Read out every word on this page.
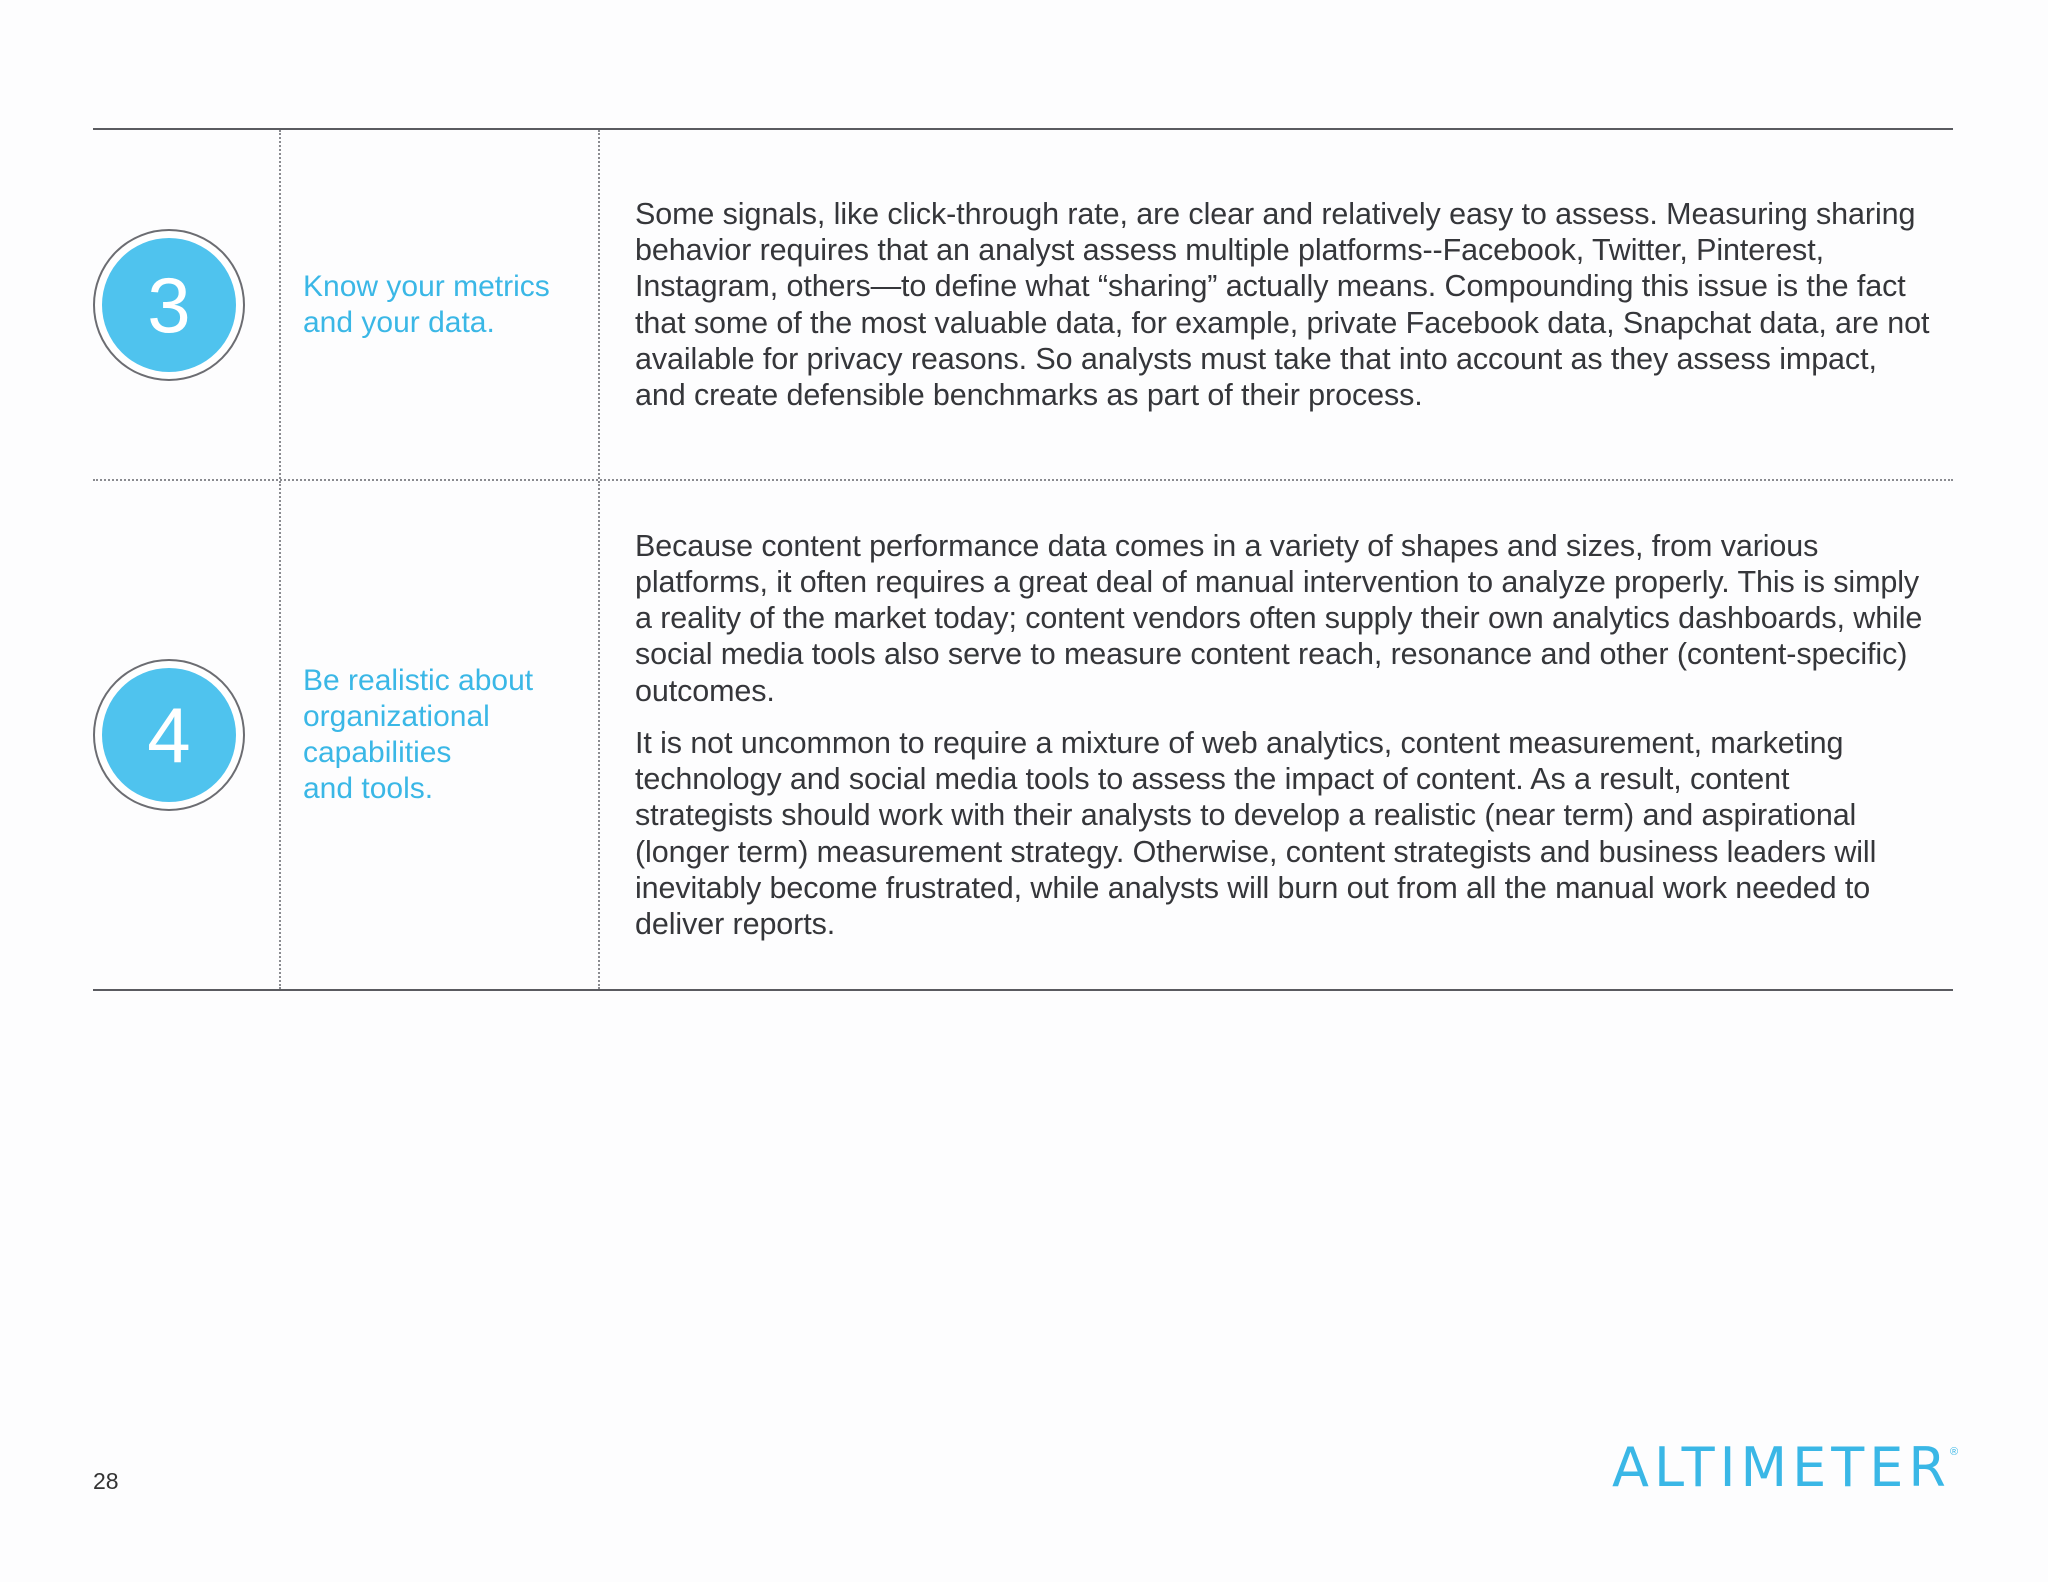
3	Know your metrics
and your data.

Some signals, like click-through rate, are clear and relatively easy to assess. Measuring sharing behavior requires that an analyst assess multiple platforms--Facebook, Twitter, Pinterest, Instagram, others—to define what “sharing” actually means. Compounding this issue is the fact that some of the most valuable data, for example, private Facebook data, Snapchat data, are not available for privacy reasons. So analysts must take that into account as they assess impact, and create defensible benchmarks as part of their process.

4
Be realistic about
organizational
capabilities
and tools.

Because content performance data comes in a variety of shapes and sizes, from various platforms, it often requires a great deal of manual intervention to analyze properly. This is simply a reality of the market today; content vendors often supply their own analytics dashboards, while social media tools also serve to measure content reach, resonance and other (content-specific) outcomes.

It is not uncommon to require a mixture of web analytics, content measurement, marketing technology and social media tools to assess the impact of content. As a result, content strategists should work with their analysts to develop a realistic (near term) and aspirational (longer term) measurement strategy. Otherwise, content strategists and business leaders will inevitably become frustrated, while analysts will burn out from all the manual work needed to deliver reports.

28	ALTIMETER ®
